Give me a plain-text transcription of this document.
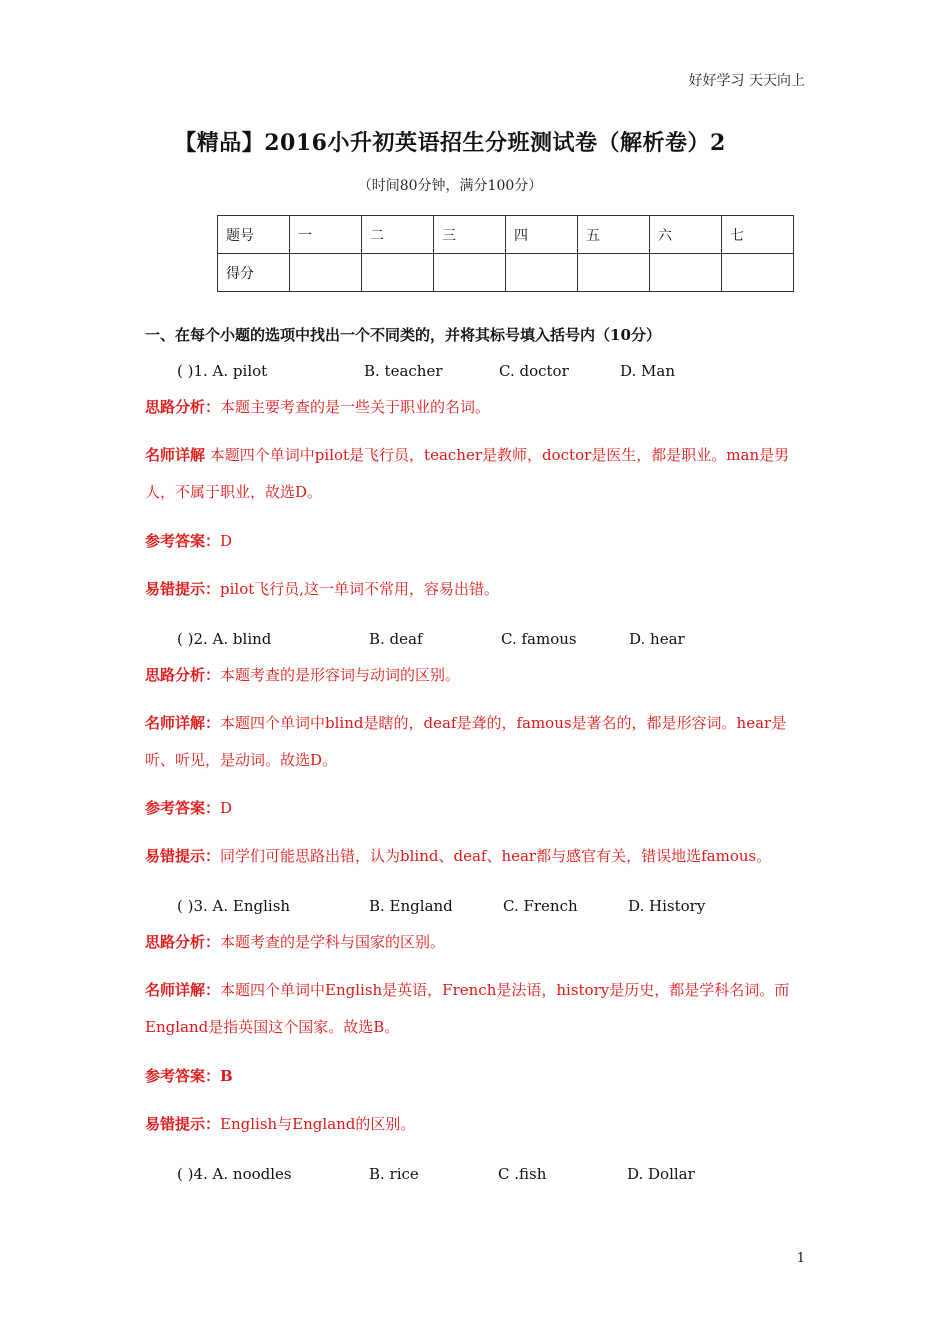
好好学习 天天向上
【精品】2016小升初英语招生分班测试卷（解析卷）2
（时间80分钟，满分100分）
题号	一	二	三	四	五	六	七
得分							
一、在每个小题的选项中找出一个不同类的，并将其标号填入括号内（10分）
( )1. A. pilot	B. teacher	C. doctor	D. Man
思路分析：本题主要考查的是一些关于职业的名词。
名师详解 本题四个单词中pilot是飞行员，teacher是教师，doctor是医生，都是职业。man是男人，不属于职业，故选D。
参考答案：D
易错提示：pilot飞行员,这一单词不常用，容易出错。
( )2. A. blind	B. deaf	C. famous	D. hear
思路分析：本题考查的是形容词与动词的区别。
名师详解：本题四个单词中blind是瞎的，deaf是聋的，famous是著名的，都是形容词。hear是听、听见，是动词。故选D。
参考答案：D
易错提示：同学们可能思路出错，认为blind、deaf、hear都与感官有关，错误地选famous。
( )3. A. English	B. England	C. French	D. History
思路分析：本题考查的是学科与国家的区别。
名师详解：本题四个单词中English是英语，French是法语，history是历史，都是学科名词。而England是指英国这个国家。故选B。
参考答案：B
易错提示：English与England的区别。
( )4. A. noodles	B. rice	C .fish	D. Dollar
1
